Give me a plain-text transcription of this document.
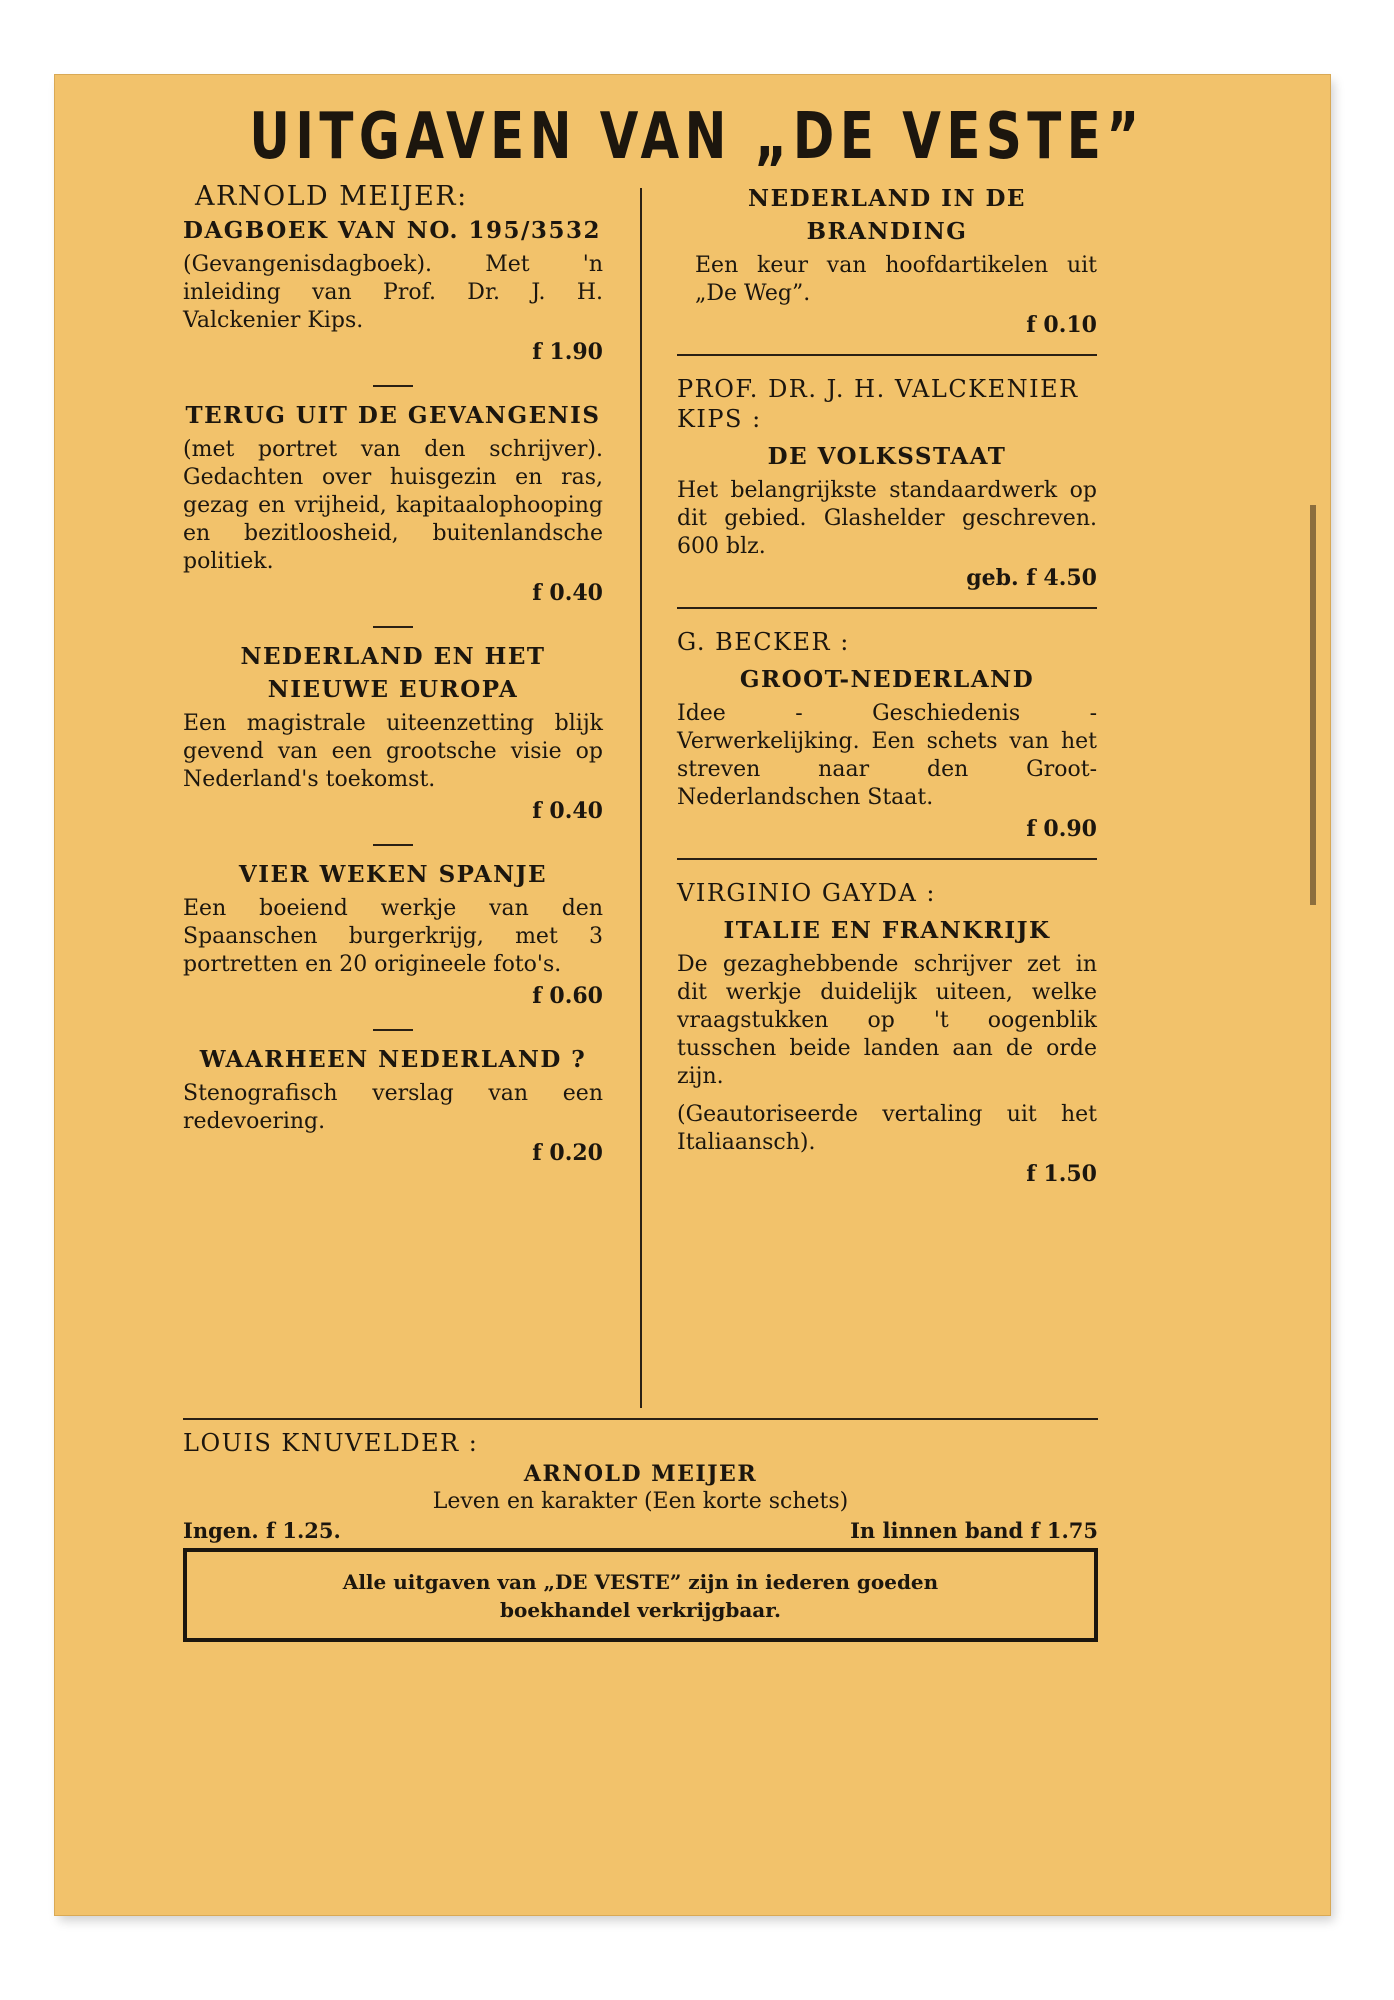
UITGAVEN VAN „DE VESTE”
ARNOLD MEIJER:
DAGBOEK VAN NO. 195/3532
(Gevangenisdagboek). Met 'n inleiding van Prof. Dr. J. H. Valckenier Kips.
f 1.90
TERUG UIT DE GEVANGENIS
(met portret van den schrijver). Gedachten over huisgezin en ras, gezag en vrijheid, kapitaalophooping en bezitloosheid, buitenlandsche politiek.
f 0.40
NEDERLAND EN HET NIEUWE EUROPA
Een magistrale uiteenzetting blijk gevend van een grootsche visie op Nederland's toekomst.
f 0.40
VIER WEKEN SPANJE
Een boeiend werkje van den Spaanschen burgerkrijg, met 3 portretten en 20 origineele foto's.
f 0.60
WAARHEEN NEDERLAND ?
Stenografisch verslag van een redevoering.
f 0.20
NEDERLAND IN DE BRANDING
Een keur van hoofdartikelen uit „De Weg”.
f 0.10
PROF. DR. J. H. VALCKENIER KIPS :
DE VOLKSSTAAT
Het belangrijkste standaardwerk op dit gebied. Glashelder geschreven. 600 blz.
geb. f 4.50
G. BECKER :
GROOT-NEDERLAND
Idee - Geschiedenis - Verwerkelijking. Een schets van het streven naar den Groot-Nederlandschen Staat.
f 0.90
VIRGINIO GAYDA :
ITALIE EN FRANKRIJK
De gezaghebbende schrijver zet in dit werkje duidelijk uiteen, welke vraagstukken op 't oogenblik tusschen beide landen aan de orde zijn.
(Geautoriseerde vertaling uit het Italiaansch).
f 1.50
LOUIS KNUVELDER :
ARNOLD MEIJER
Leven en karakter (Een korte schets)
Ingen. f 1.25.	In linnen band f 1.75
Alle uitgaven van „DE VESTE” zijn in iederen goeden
boekhandel verkrijgbaar.
